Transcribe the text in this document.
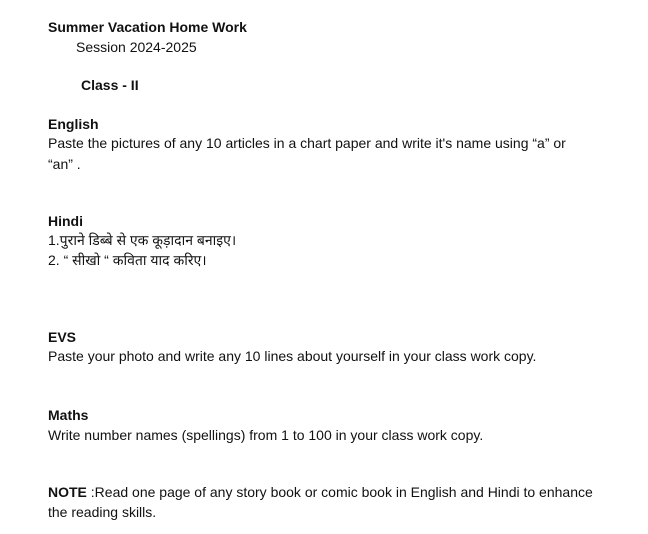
Summer Vacation Home Work
Session 2024-2025
Class - II
English
Paste the pictures of any 10 articles in a chart paper and write it's name using “a” or
“an” .
Hindi
1.पुराने डिब्बे से एक कूड़ादान बनाइए।
2. “ सीखो “ कविता याद करिए।
EVS
Paste your photo and write any 10 lines about yourself in your class work copy.
Maths
Write number names (spellings) from 1 to 100 in your class work copy.
NOTE :Read one page of any story book or comic book in English and Hindi to enhance
the reading skills.
